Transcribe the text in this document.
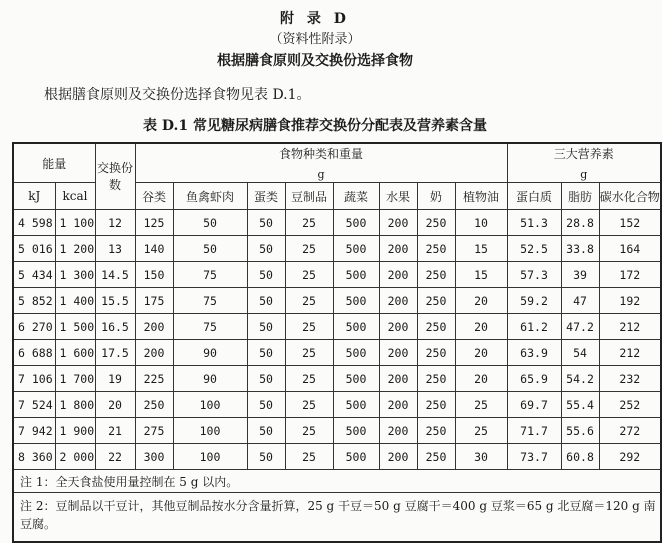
附 录 D
（资料性附录）
根据膳食原则及交换份选择食物
根据膳食原则及交换份选择食物见表 D.1。
表 D.1 常见糖尿病膳食推荐交换份分配表及营养素含量
能量		交换份数	食物种类和重量
g								三大营养素
g		

kJ	kcal		谷类	鱼禽虾肉	蛋类	豆制品	蔬菜	水果	奶	植物油	蛋白质	脂肪	碳水化合物
4 598	1 100	12	125	50	50	25	500	200	250	10	51.3	28.8	152
5 016	1 200	13	140	50	50	25	500	200	250	15	52.5	33.8	164
5 434	1 300	14.5	150	75	50	25	500	200	250	15	57.3	39	172
5 852	1 400	15.5	175	75	50	25	500	200	250	20	59.2	47	192
6 270	1 500	16.5	200	75	50	25	500	200	250	20	61.2	47.2	212
6 688	1 600	17.5	200	90	50	25	500	200	250	20	63.9	54	212
7 106	1 700	19	225	90	50	25	500	200	250	20	65.9	54.2	232
7 524	1 800	20	250	100	50	25	500	200	250	25	69.7	55.4	252
7 942	1 900	21	275	100	50	25	500	200	250	25	71.7	55.6	272
8 360	2 000	22	300	100	50	25	500	200	250	30	73.7	60.8	292
注 1：全天食盐使用量控制在 5 g 以内。													
注 2：豆制品以干豆计，其他豆制品按水分含量折算，25 g 干豆＝50 g 豆腐干＝400 g 豆浆＝65 g 北豆腐＝120 g 南豆腐。													
